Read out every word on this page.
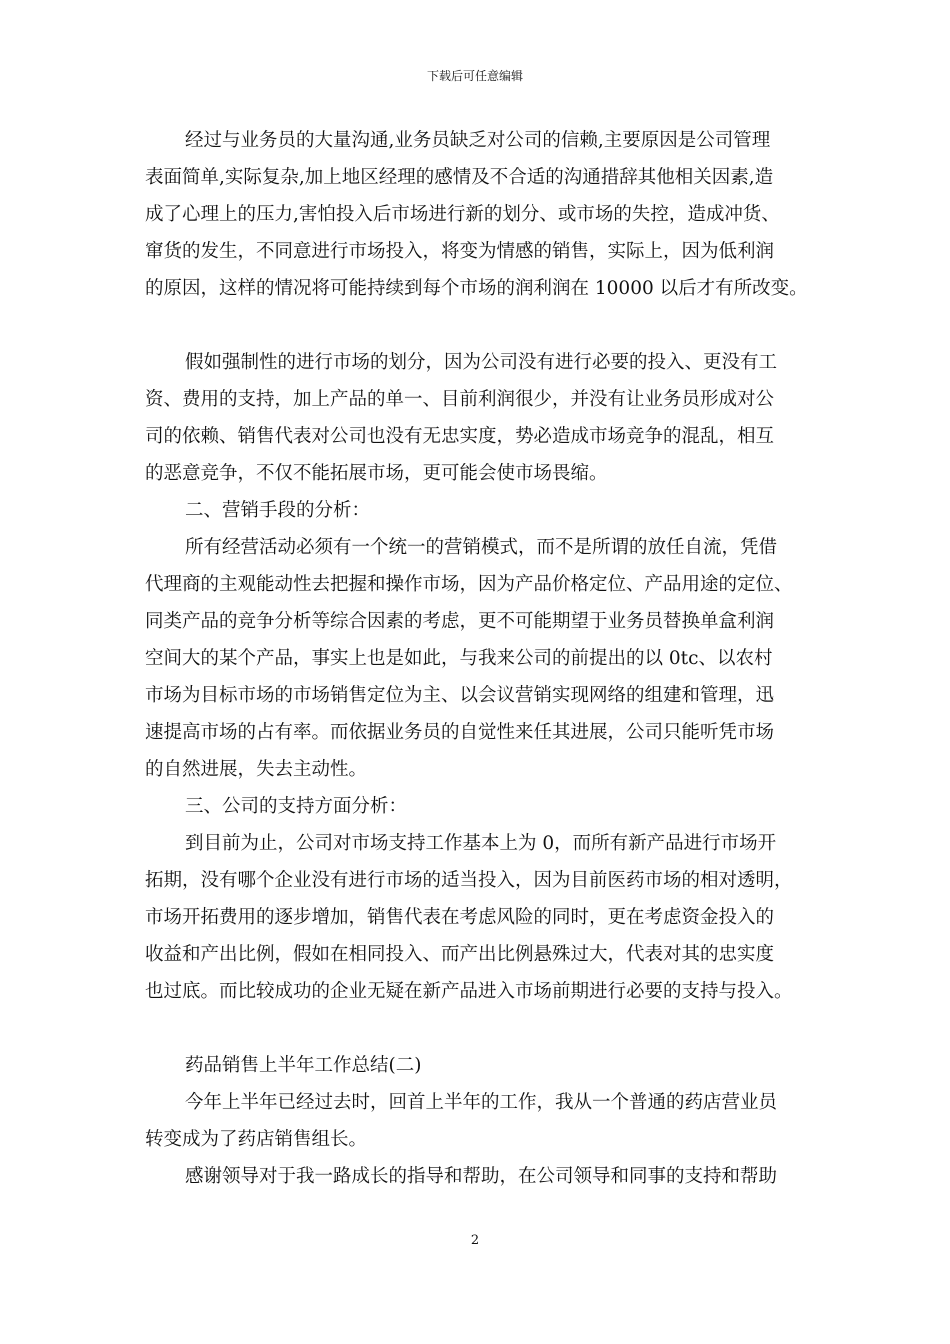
下载后可任意编辑
经过与业务员的大量沟通,业务员缺乏对公司的信赖,主要原因是公司管理
表面简单,实际复杂,加上地区经理的感情及不合适的沟通措辞其他相关因素,造
成了心理上的压力,害怕投入后市场进行新的划分、或市场的失控，造成冲货、
窜货的发生，不同意进行市场投入，将变为情感的销售，实际上，因为低利润
的原因，这样的情况将可能持续到每个市场的润利润在 10000 以后才有所改变。
假如强制性的进行市场的划分，因为公司没有进行必要的投入、更没有工
资、费用的支持，加上产品的单一、目前利润很少，并没有让业务员形成对公
司的依赖、销售代表对公司也没有无忠实度，势必造成市场竞争的混乱，相互
的恶意竞争，不仅不能拓展市场，更可能会使市场畏缩。
二、营销手段的分析：
所有经营活动必须有一个统一的营销模式，而不是所谓的放任自流，凭借
代理商的主观能动性去把握和操作市场，因为产品价格定位、产品用途的定位、
同类产品的竞争分析等综合因素的考虑，更不可能期望于业务员替换单盒利润
空间大的某个产品，事实上也是如此，与我来公司的前提出的以 0tc、以农村
市场为目标市场的市场销售定位为主、以会议营销实现网络的组建和管理，迅
速提高市场的占有率。而依据业务员的自觉性来任其进展，公司只能听凭市场
的自然进展，失去主动性。
三、公司的支持方面分析：
到目前为止，公司对市场支持工作基本上为 0，而所有新产品进行市场开
拓期，没有哪个企业没有进行市场的适当投入，因为目前医药市场的相对透明，
市场开拓费用的逐步增加，销售代表在考虑风险的同时，更在考虑资金投入的
收益和产出比例，假如在相同投入、而产出比例悬殊过大，代表对其的忠实度
也过底。而比较成功的企业无疑在新产品进入市场前期进行必要的支持与投入。
药品销售上半年工作总结(二)
今年上半年已经过去时，回首上半年的工作，我从一个普通的药店营业员
转变成为了药店销售组长。
感谢领导对于我一路成长的指导和帮助，在公司领导和同事的支持和帮助
2
